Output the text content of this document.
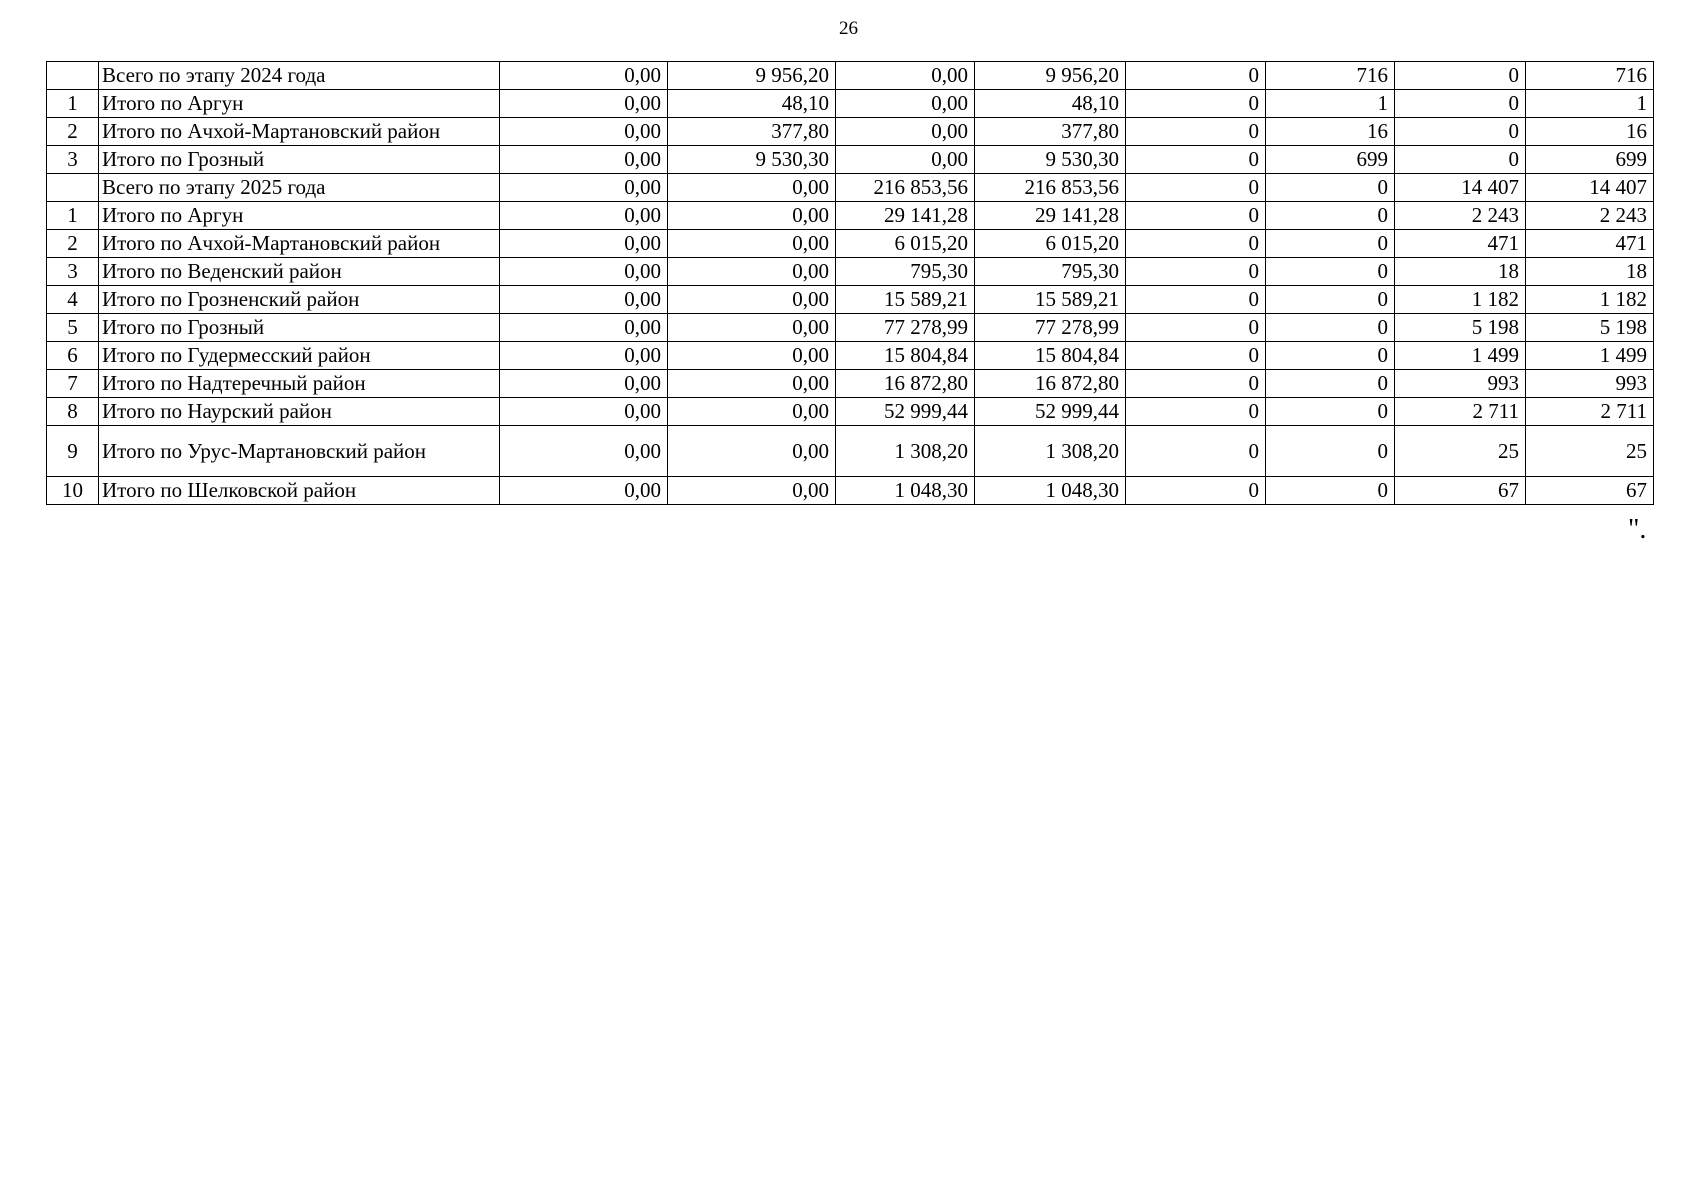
26
	Всего по этапу 2024 года	0,00	9 956,20	0,00	9 956,20	0	716	0	716
1	Итого по Аргун	0,00	48,10	0,00	48,10	0	1	0	1
2	Итого по Ачхой-Мартановский район	0,00	377,80	0,00	377,80	0	16	0	16
3	Итого по Грозный	0,00	9 530,30	0,00	9 530,30	0	699	0	699
	Всего по этапу 2025 года	0,00	0,00	216 853,56	216 853,56	0	0	14 407	14 407
1	Итого по Аргун	0,00	0,00	29 141,28	29 141,28	0	0	2 243	2 243
2	Итого по Ачхой-Мартановский район	0,00	0,00	6 015,20	6 015,20	0	0	471	471
3	Итого по Веденский район	0,00	0,00	795,30	795,30	0	0	18	18
4	Итого по Грозненский район	0,00	0,00	15 589,21	15 589,21	0	0	1 182	1 182
5	Итого по Грозный	0,00	0,00	77 278,99	77 278,99	0	0	5 198	5 198
6	Итого по Гудермесский район	0,00	0,00	15 804,84	15 804,84	0	0	1 499	1 499
7	Итого по Надтеречный район	0,00	0,00	16 872,80	16 872,80	0	0	993	993
8	Итого по Наурский район	0,00	0,00	52 999,44	52 999,44	0	0	2 711	2 711
9	Итого по Урус-Мартановский район	0,00	0,00	1 308,20	1 308,20	0	0	25	25
10	Итого по Шелковской район	0,00	0,00	1 048,30	1 048,30	0	0	67	67
".
